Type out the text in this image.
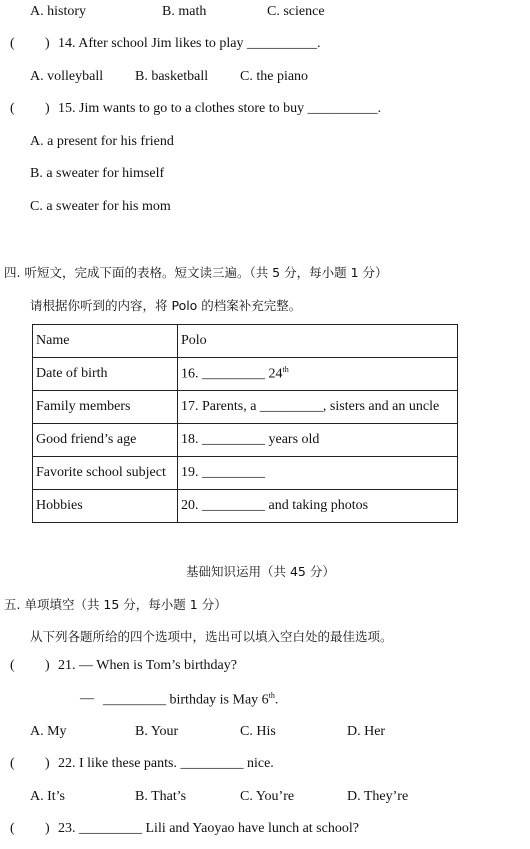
A. history	B. math	C. science
( ) 14. After school Jim likes to play __________.
A. volleyball B. basketball C. the piano
( ) 15. Jim wants to go to a clothes store to buy __________.
A. a present for his friend
B. a sweater for himself
C. a sweater for his mom
四. 听短文，完成下面的表格。短文读三遍。（共 5 分，每小题 1 分）
请根据你听到的内容，将 Polo 的档案补充完整。
Name	Polo
Date of birth	16. _________ 24th
Family members	17. Parents, a _________, sisters and an uncle
Good friend’s age	18. _________ years old
Favorite school subject	19. _________
Hobbies	20. _________ and taking photos
基础知识运用（共 45 分）
五. 单项填空（共 15 分，每小题 1 分）
从下列各题所给的四个选项中，选出可以填入空白处的最佳选项。
( ) 21. — When is Tom’s birthday?
— _________ birthday is May 6th.
A. My	B. Your	C. His	D. Her
( ) 22. I like these pants. _________ nice.
A. It’s	B. That’s	C. You’re	D. They’re
( ) 23. _________ Lili and Yaoyao have lunch at school?
